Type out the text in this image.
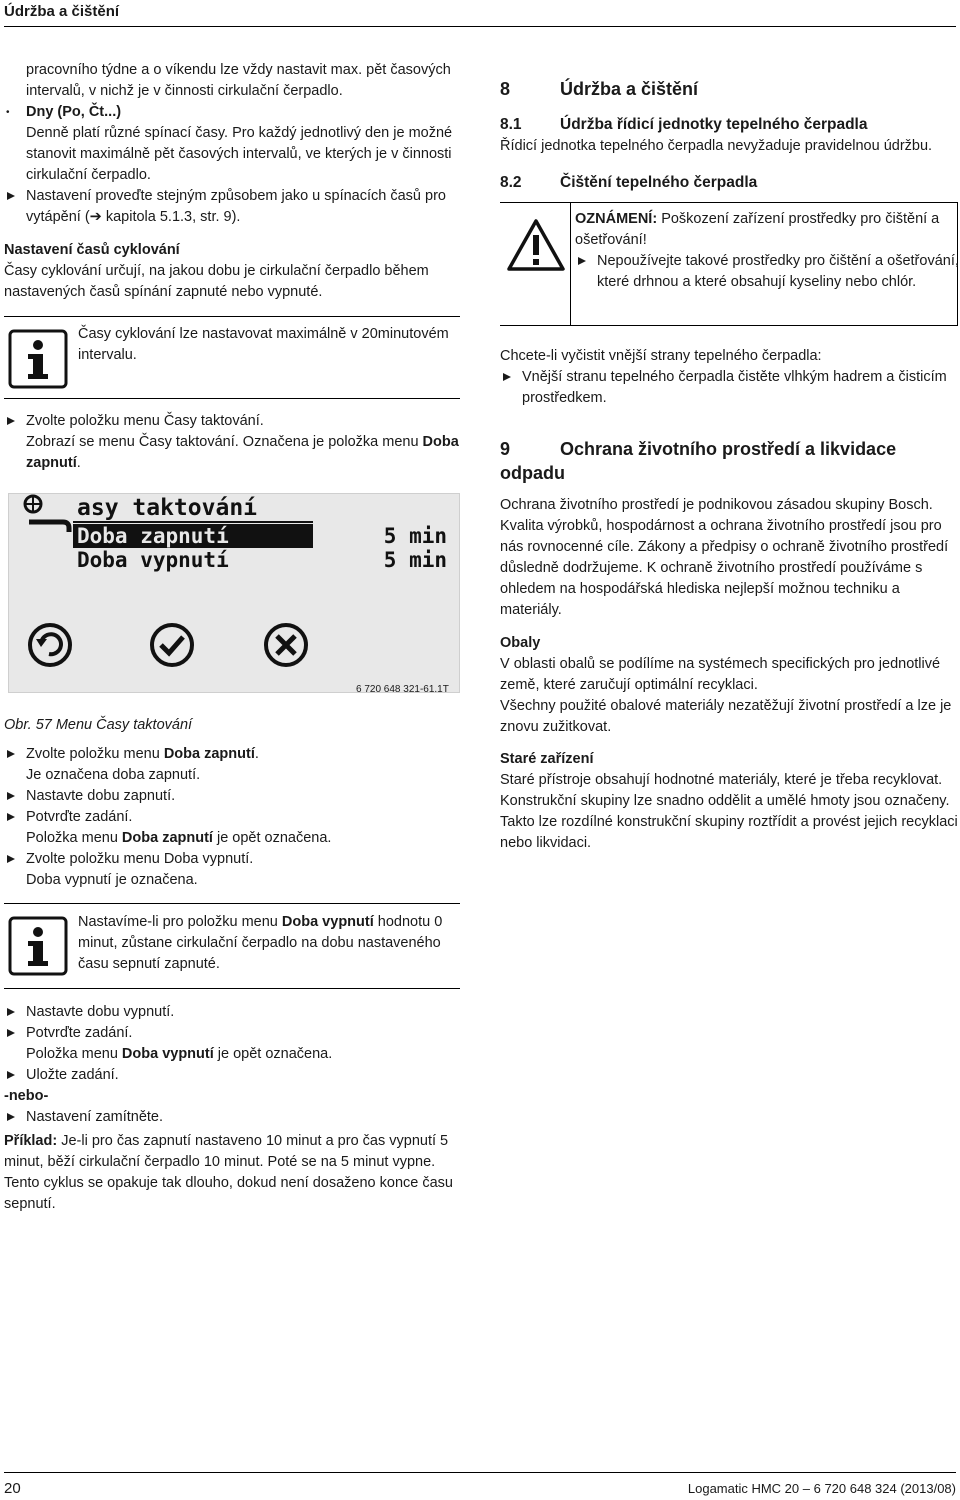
Údržba a čištění

pracovního týdne a o víkendu lze vždy nastavit max. pět časových intervalů, v nichž je v činnosti cirkulační čerpadlo.

• Dny (Po, Čt...)

Denně platí různé spínací časy. Pro každý jednotlivý den je možné stanovit maximálně pět časových intervalů, ve kterých je v činnosti cirkulační čerpadlo.

Nastavení proveďte stejným způsobem jako u spínacích časů pro vytápění (➔ kapitola 5.1.3, str. 9).

Nastavení časů cyklování

Časy cyklování určují, na jakou dobu je cirkulační čerpadlo během nastavených časů spínání zapnuté nebo vypnuté.

Časy cyklování lze nastavovat maximálně v 20minutovém intervalu.

Zvolte položku menu Časy taktování.

Zobrazí se menu Časy taktování. Označena je položka menu Doba zapnutí.

asy taktování
Doba zapnutí	5 min
Doba vypnutí	5 min

Obr. 57 Menu Časy taktování

Zvolte položku menu Doba zapnutí.

Je označena doba zapnutí.

Nastavte dobu zapnutí.

Potvrďte zadání.

Položka menu Doba zapnutí je opět označena.

Zvolte položku menu Doba vypnutí.

Doba vypnutí je označena.

Nastavíme-li pro položku menu Doba vypnutí hodnotu 0 minut, zůstane cirkulační čerpadlo na dobu nastaveného času sepnutí zapnuté.

Nastavte dobu vypnutí.

Potvrďte zadání.

Položka menu Doba vypnutí je opět označena.

Uložte zadání.

-nebo-

Nastavení zamítněte.

Příklad: Je-li pro čas zapnutí nastaveno 10 minut a pro čas vypnutí 5 minut, běží cirkulační čerpadlo 10 minut. Poté se na 5 minut vypne. Tento cyklus se opakuje tak dlouho, dokud není dosaženo konce času sepnutí.

6 720 648 321-61.1T
8	Údržba a čištění
8.1 Údržba řídicí jednotky tepelného čerpadla

Řídicí jednotka tepelného čerpadla nevyžaduje pravidelnou údržbu.

8.2 Čištění tepelného čerpadla

OZNÁMENÍ: Poškození zařízení prostředky pro čištění a ošetřování!

Nepoužívejte takové prostředky pro čištění a ošetřování, které drhnou a které obsahují kyseliny nebo chlór.

Chcete-li vyčistit vnější strany tepelného čerpadla:

Vnější stranu tepelného čerpadla čistěte vlhkým hadrem a čisticím prostředkem.

9	Ochrana životního prostředí a likvidace odpadu

Ochrana životního prostředí je podnikovou zásadou skupiny Bosch. Kvalita výrobků, hospodárnost a ochrana životního prostředí jsou pro nás rovnocenné cíle. Zákony a předpisy o ochraně životního prostředí důsledně dodržujeme. K ochraně životního prostředí používáme s ohledem na hospodářská hlediska nejlepší možnou techniku a materiály.

Obaly

V oblasti obalů se podílíme na systémech specifických pro jednotlivé země, které zaručují optimální recyklaci.

Všechny použité obalové materiály nezatěžují životní prostředí a lze je znovu zužitkovat.

Staré zařízení

Staré přístroje obsahují hodnotné materiály, které je třeba recyklovat. Konstrukční skupiny lze snadno oddělit a umělé hmoty jsou označeny. Takto lze rozdílné konstrukční skupiny roztřídit a provést jejich recyklaci nebo likvidaci.

20	Logamatic HMC 20 – 6 720 648 324 (2013/08)
